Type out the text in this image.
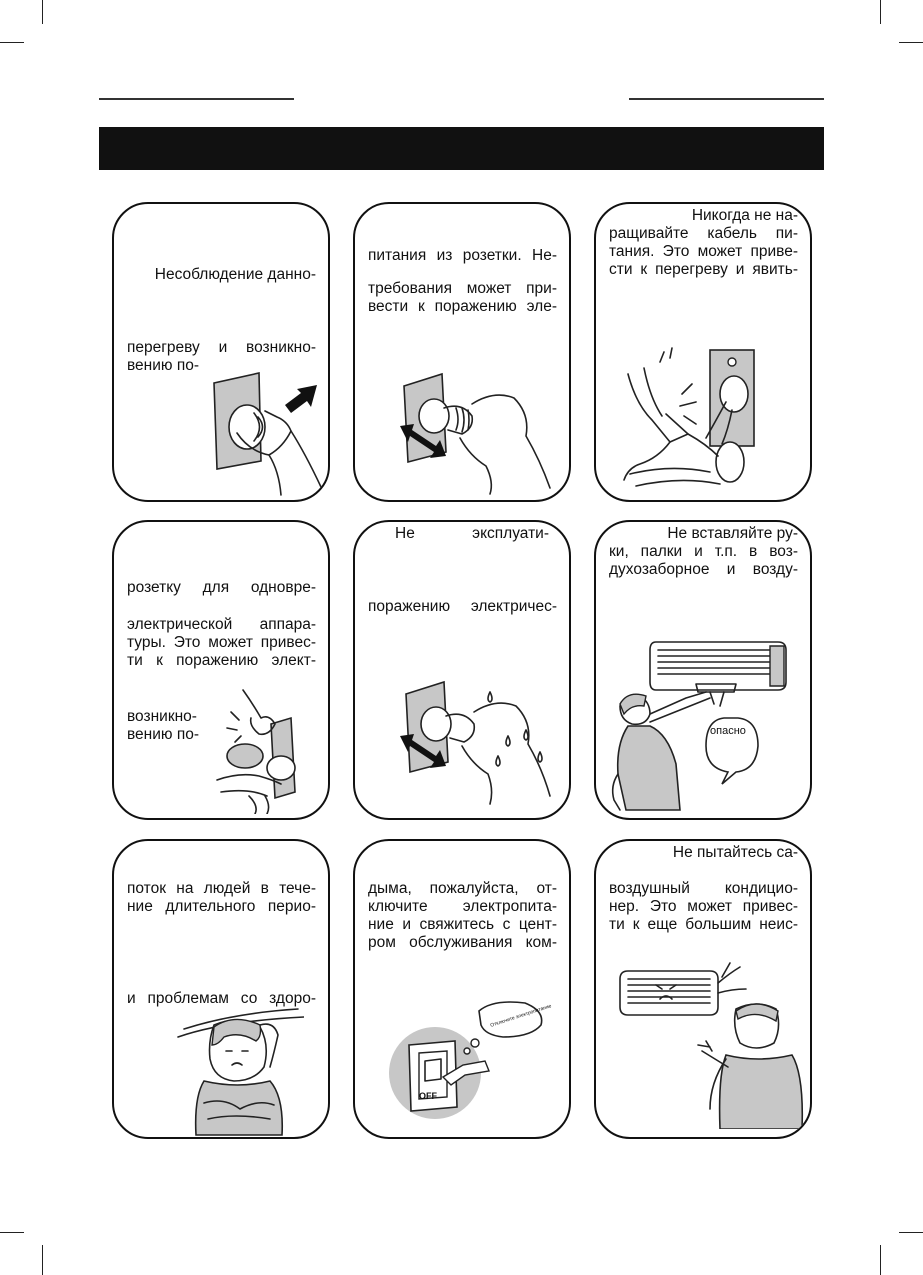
Несоблюдение данно-
перегреву и возникно-
вению по-
питания из розетки. Не-
требования может при-
вести к поражению эле-
Никогда не на-
ращивайте кабель пи-
тания. Это может приве-
сти к перегреву и явить-
розетку для одновре-
электрической аппара-
туры. Это может привес-
ти к поражению элект-
возникно-
вению по-
Не эксплуати-
поражению электричес-
Не вставляйте ру-
ки, палки и т.п. в воз-
духозаборное и возду-
опасно
поток на людей в тече-
ние длительного перио-
и проблемам со здоро-
дыма, пожалуйста, от-
ключите электропита-
ние и свяжитесь с цент-
ром обслуживания ком-
Отключите электропитание
OFF
Не пытайтесь са-
воздушный кондицио-
нер. Это может привес-
ти к еще большим неис-
